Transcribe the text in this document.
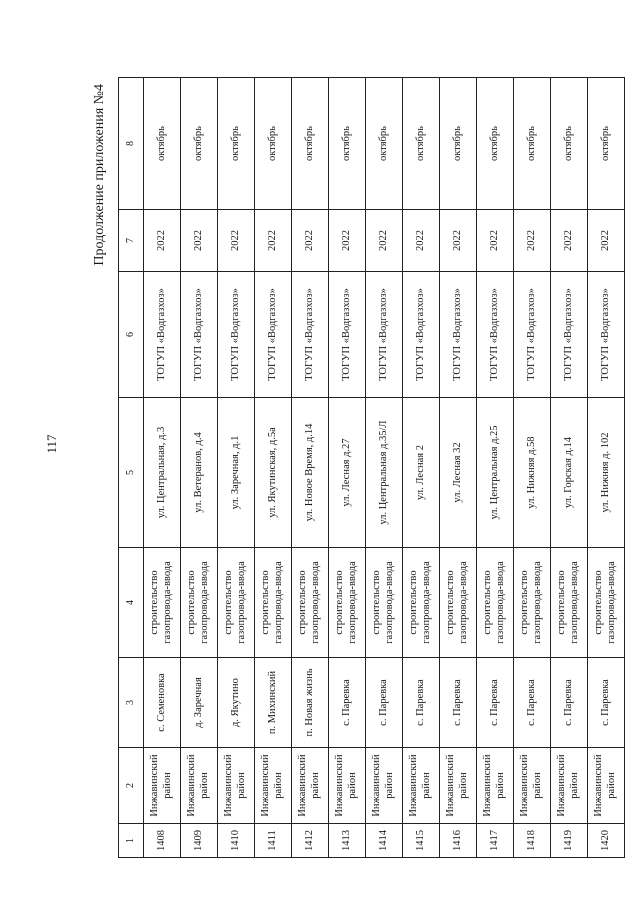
117
Продолжение приложения №4
1	2	3	4	5	6	7	8
1408	Инжавинский район	с. Семеновка	строительство газопровода-ввода	ул. Центральная, д.3	ТОГУП «Водгазхоз»	2022	октябрь
1409	Инжавинский район	д. Заречная	строительство газопровода-ввода	ул. Ветеранов, д.4	ТОГУП «Водгазхоз»	2022	октябрь
1410	Инжавинский район	д. Якутино	строительство газопровода-ввода	ул. Заречная, д.1	ТОГУП «Водгазхоз»	2022	октябрь
1411	Инжавинский район	п. Михинский	строительство газопровода-ввода	ул. Якутинская, д.5а	ТОГУП «Водгазхоз»	2022	октябрь
1412	Инжавинский район	п. Новая жизнь	строительство газопровода-ввода	ул. Новое Время, д.14	ТОГУП «Водгазхоз»	2022	октябрь
1413	Инжавинский район	с. Паревка	строительство газопровода-ввода	ул. Лесная д.27	ТОГУП «Водгазхоз»	2022	октябрь
1414	Инжавинский район	с. Паревка	строительство газопровода-ввода	ул. Центральная д.35/Л	ТОГУП «Водгазхоз»	2022	октябрь
1415	Инжавинский район	с. Паревка	строительство газопровода-ввода	ул. Лесная 2	ТОГУП «Водгазхоз»	2022	октябрь
1416	Инжавинский район	с. Паревка	строительство газопровода-ввода	ул. Лесная 32	ТОГУП «Водгазхоз»	2022	октябрь
1417	Инжавинский район	с. Паревка	строительство газопровода-ввода	ул. Центральная д.25	ТОГУП «Водгазхоз»	2022	октябрь
1418	Инжавинский район	с. Паревка	строительство газопровода-ввода	ул. Нижняя д.58	ТОГУП «Водгазхоз»	2022	октябрь
1419	Инжавинский район	с. Паревка	строительство газопровода-ввода	ул. Горская д.14	ТОГУП «Водгазхоз»	2022	октябрь
1420	Инжавинский район	с. Паревка	строительство газопровода-ввода	ул. Нижняя д. 102	ТОГУП «Водгазхоз»	2022	октябрь
